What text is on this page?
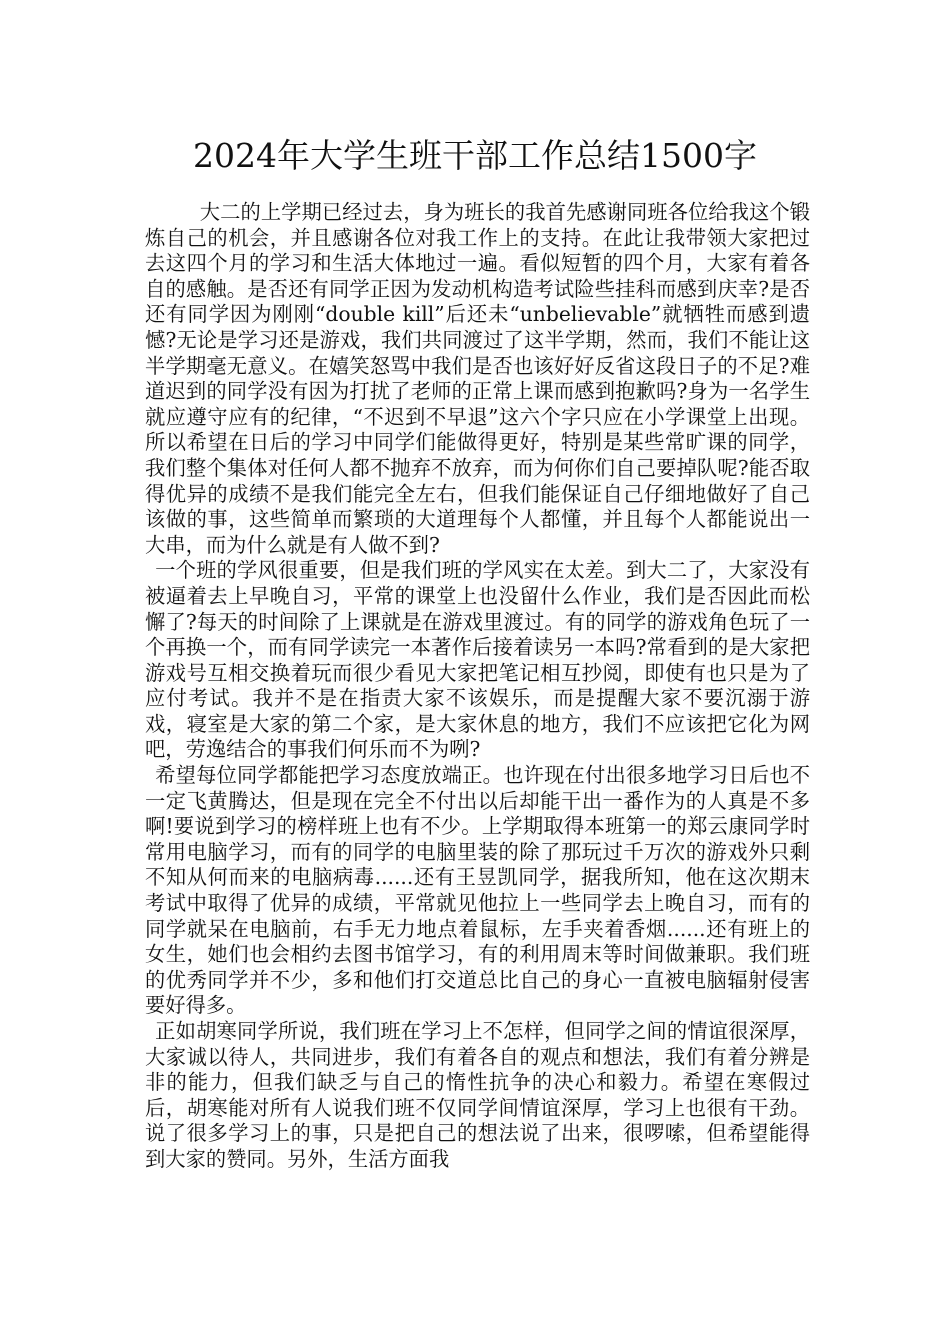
2024年大学生班干部工作总结1500字

大二的上学期已经过去，身为班长的我首先感谢同班各位给我这个锻炼自己的机会，并且感谢各位对我工作上的支持。在此让我带领大家把过去这四个月的学习和生活大体地过一遍。看似短暂的四个月，大家有着各自的感触。是否还有同学正因为发动机构造考试险些挂科而感到庆幸?是否还有同学因为刚刚“double kill”后还未“unbelievable”就牺牲而感到遗憾?无论是学习还是游戏，我们共同渡过了这半学期，然而，我们不能让这半学期毫无意义。在嬉笑怒骂中我们是否也该好好反省这段日子的不足?难道迟到的同学没有因为打扰了老师的正常上课而感到抱歉吗?身为一名学生就应遵守应有的纪律，“不迟到不早退”这六个字只应在小学课堂上出现。所以希望在日后的学习中同学们能做得更好，特别是某些常旷课的同学，我们整个集体对任何人都不抛弃不放弃，而为何你们自己要掉队呢?能否取得优异的成绩不是我们能完全左右，但我们能保证自己仔细地做好了自己该做的事，这些简单而繁琐的大道理每个人都懂，并且每个人都能说出一大串，而为什么就是有人做不到?

一个班的学风很重要，但是我们班的学风实在太差。到大二了，大家没有被逼着去上早晚自习，平常的课堂上也没留什么作业，我们是否因此而松懈了?每天的时间除了上课就是在游戏里渡过。有的同学的游戏角色玩了一个再换一个，而有同学读完一本著作后接着读另一本吗?常看到的是大家把游戏号互相交换着玩而很少看见大家把笔记相互抄阅，即使有也只是为了应付考试。我并不是在指责大家不该娱乐，而是提醒大家不要沉溺于游戏，寝室是大家的第二个家，是大家休息的地方，我们不应该把它化为网吧，劳逸结合的事我们何乐而不为咧?

希望每位同学都能把学习态度放端正。也许现在付出很多地学习日后也不一定飞黄腾达，但是现在完全不付出以后却能干出一番作为的人真是不多啊!要说到学习的榜样班上也有不少。上学期取得本班第一的郑云康同学时常用电脑学习，而有的同学的电脑里装的除了那玩过千万次的游戏外只剩不知从何而来的电脑病毒......还有王昱凯同学，据我所知，他在这次期末考试中取得了优异的成绩，平常就见他拉上一些同学去上晚自习，而有的同学就呆在电脑前，右手无力地点着鼠标，左手夹着香烟......还有班上的女生，她们也会相约去图书馆学习，有的利用周末等时间做兼职。我们班的优秀同学并不少，多和他们打交道总比自己的身心一直被电脑辐射侵害要好得多。

正如胡寒同学所说，我们班在学习上不怎样，但同学之间的情谊很深厚，大家诚以待人，共同进步，我们有着各自的观点和想法，我们有着分辨是非的能力，但我们缺乏与自己的惰性抗争的决心和毅力。希望在寒假过后，胡寒能对所有人说我们班不仅同学间情谊深厚，学习上也很有干劲。说了很多学习上的事，只是把自己的想法说了出来，很啰嗦，但希望能得到大家的赞同。另外，生活方面我
